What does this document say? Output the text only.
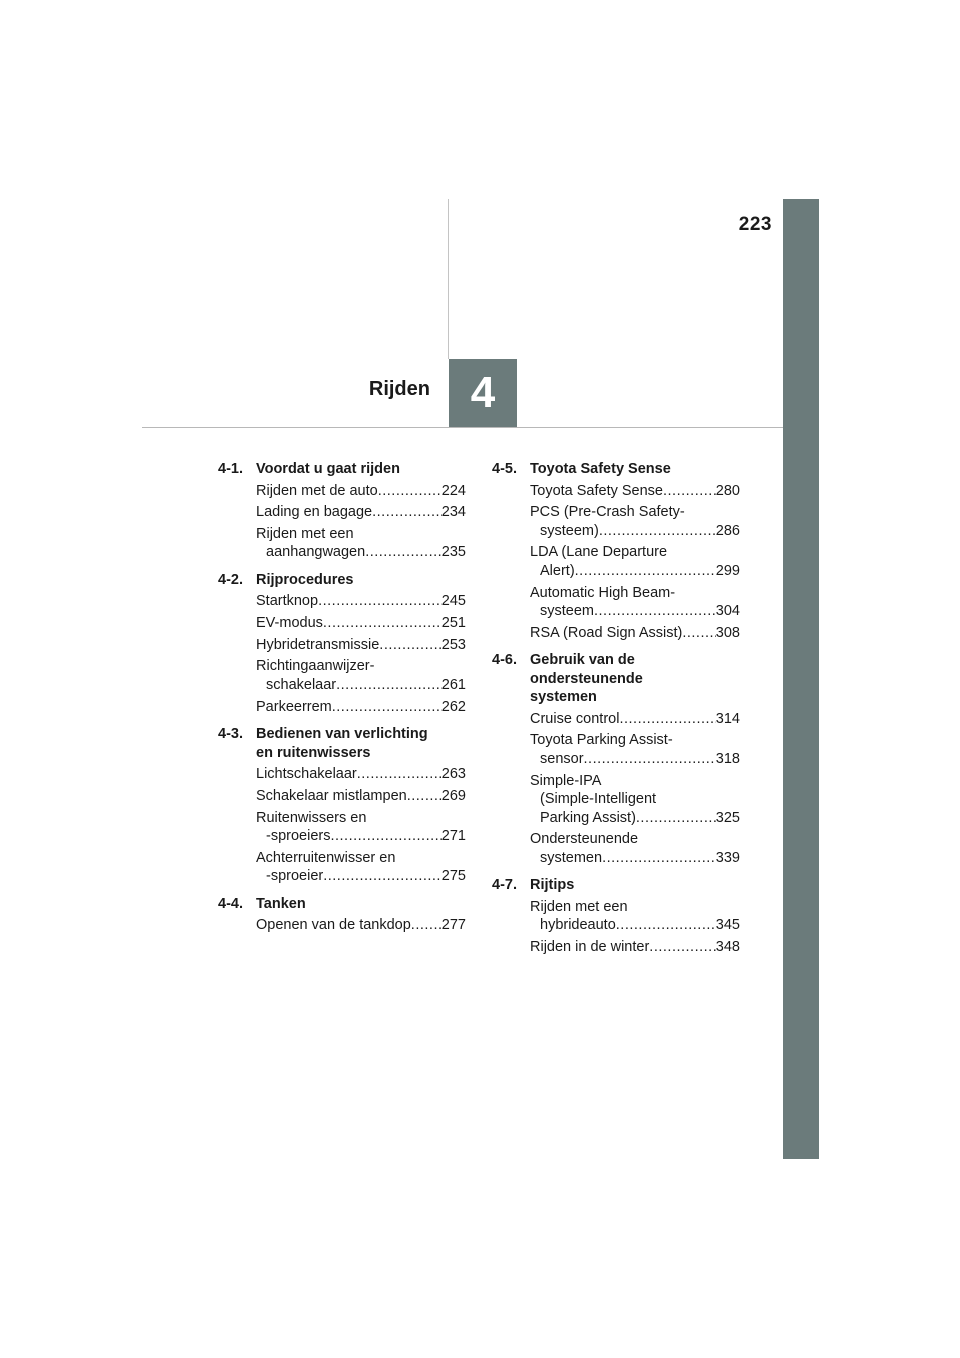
223
4
Rijden
4-1. Voordat u gaat rijden
Rijden met de auto .....	224
Lading en bagage .....	234
Rijden met een
aanhangwagen .....	235
4-2. Rijprocedures
Startknop .....	245
EV-modus .....	251
Hybridetransmissie .....	253
Richtingaanwijzer-
schakelaar .....	261
Parkeerrem .....	262
4-3. Bedienen van verlichting
en ruitenwissers
Lichtschakelaar .....	263
Schakelaar mistlampen ..... 269
Ruitenwissers en
-sproeiers .....	271
Achterruitenwisser en
-sproeier .....	275
4-4. Tanken
Openen van de tankdop ..... 277
4-5. Toyota Safety Sense
Toyota Safety Sense .....	280
PCS (Pre-Crash Safety-
systeem) .....	286
LDA (Lane Departure
Alert) .....	299
Automatic High Beam-
systeem .....	304
RSA (Road Sign Assist) ..... 308
4-6. Gebruik van de
ondersteunende
systemen
Cruise control .....	314
Toyota Parking Assist-
sensor .....	318
Simple-IPA
(Simple-Intelligent
Parking Assist) .....	325
Ondersteunende
systemen .....	339
4-7. Rijtips
Rijden met een
hybrideauto .....	345
Rijden in de winter .....	348
